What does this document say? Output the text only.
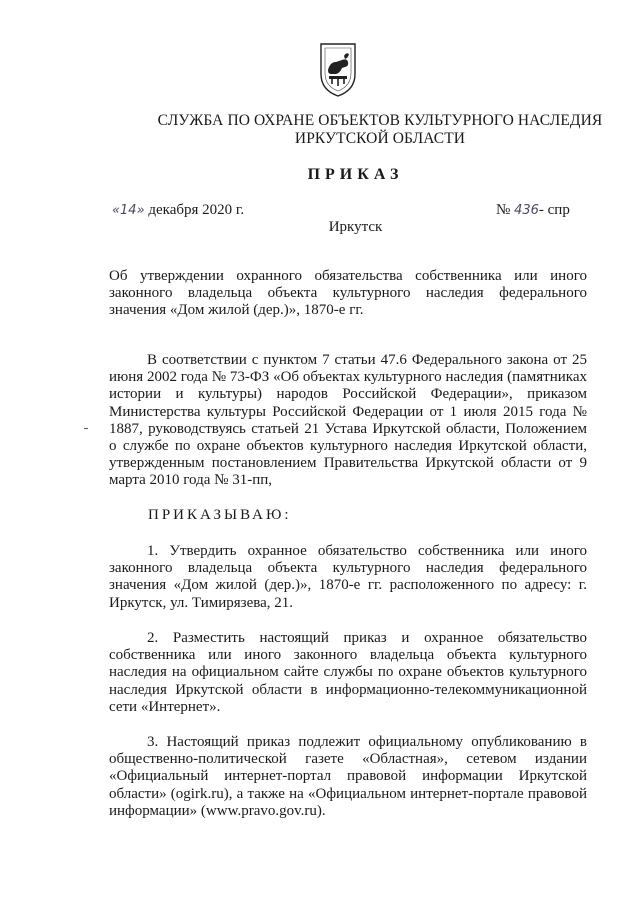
СЛУЖБА ПО ОХРАНЕ ОБЪЕКТОВ КУЛЬТУРНОГО НАСЛЕДИЯ
ИРКУТСКОЙ ОБЛАСТИ
ПРИКАЗ
«14» декабря 2020 г.	№ 436- спр
Иркутск
Об утверждении охранного обязательства собственника или иного законного владельца объекта культурного наследия федерального значения «Дом жилой (дер.)», 1870-е гг.
В соответствии с пунктом 7 статьи 47.6 Федерального закона от 25 июня 2002 года № 73-ФЗ «Об объектах культурного наследия (памятниках истории и культуры) народов Российской Федерации», приказом Министерства культуры Российской Федерации от 1 июля 2015 года № 1887, руководствуясь статьей 21 Устава Иркутской области, Положением о службе по охране объектов культурного наследия Иркутской области, утвержденным постановлением Правительства Иркутской области от 9 марта 2010 года № 31-пп,
ПРИКАЗЫВАЮ:
1. Утвердить охранное обязательство собственника или иного законного владельца объекта культурного наследия федерального значения «Дом жилой (дер.)», 1870-е гг. расположенного по адресу: г. Иркутск, ул. Тимирязева, 21.
2. Разместить настоящий приказ и охранное обязательство собственника или иного законного владельца объекта культурного наследия на официальном сайте службы по охране объектов культурного наследия Иркутской области в информационно-телекоммуникационной сети «Интернет».
3. Настоящий приказ подлежит официальному опубликованию в общественно-политической газете «Областная», сетевом издании «Официальный интернет-портал правовой информации Иркутской области» (ogirk.ru), а также на «Официальном интернет-портале правовой информации» (www.pravo.gov.ru).
